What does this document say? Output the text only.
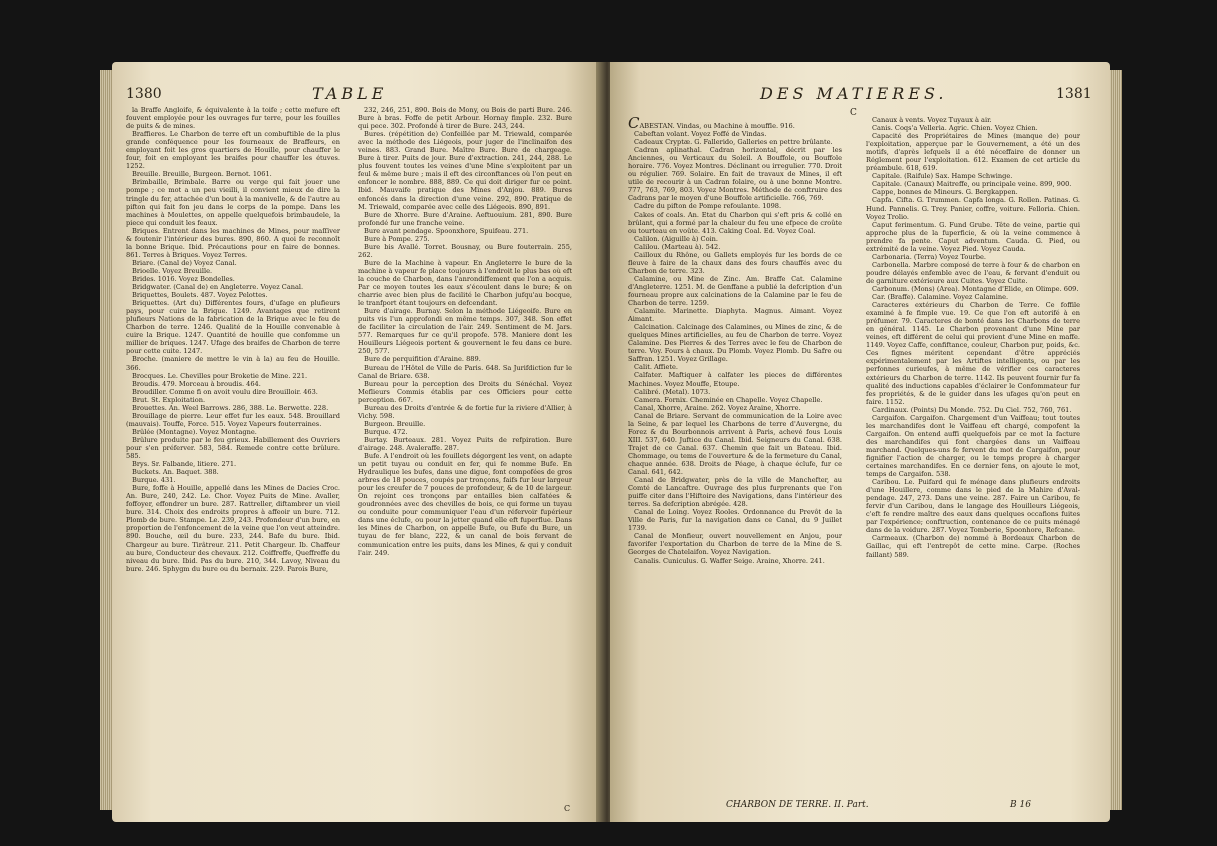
1380	TABLE

la Braffe Angloife, & équivalente à la toife ; cette mefure eft fouvent employée pour les ouvrages fur terre, pour les fouilles de puits & de mines.

Braffieres. Le Charbon de terre eft un combuftible de la plus grande conféquence pour les fourneaux de Braffeurs, en employant foit les gros quartiers de Houille, pour chauffer le four, foit en employant les braifes pour chauffer les étuves. 1252.

Breuille. Breuille, Burgeon. Bernot. 1061.

Brimbaille, Brimbale. Barre ou verge qui fait jouer une pompe ; ce mot a un peu vieilli, il convient mieux de dire la tringle du fer, attachée d'un bout à la manivelle, & de l'autre au pifton qui fait fon jeu dans le corps de la pompe. Dans les machines à Moulettes, on appelle quelquefois brimbaudele, la piece qui conduit les feaux.

Briques. Entrent dans les machines de Mines, pour maſſiver & foutenir l'intérieur des bures. 890, 860. A quoi fe reconnoît la bonne Brique. Ibid. Précautions pour en faire de bonnes. 861. Terres à Briques. Voyez Terres.

Briare. (Canal de) Voyez Canal.

Brioelle. Voyez Breuille.

Brides. 1016. Voyez Bondelles.

Bridgwater. (Canal de) en Angleterre. Voyez Canal.

Briquettes, Boulets. 487. Voyez Pelottes.

Briquettes. (Art du) Différentes fours, d'ufage en plufieurs pays, pour cuire la Brique. 1249. Avantages que retirent plufieurs Nations de la fabrication de la Brique avec le feu de Charbon de terre. 1246. Qualité de la Houille convenable à cuire la Brique. 1247. Quantité de houille que confomme un millier de briques. 1247. Ufage des braifes de Charbon de terre pour cette cuite. 1247.

Broche. (maniere de mettre le vin à la) au feu de Houille. 366.

Brocques. Le. Chevilles pour Broketie de Mine. 221.

Broudis. 479. Morceau à broudis. 464.

Broudiller. Comme fi on avoit voulu dire Brouilloir. 463.

Brut. St. Exploitation.

Brouettes. An. Weel Barrows. 286, 388. Le. Berwette. 228.

Brouillage de pierre. Leur effet fur les eaux. 548. Brouillard (mauvais). Touffe, Force. 515. Voyez Vapeurs fouterraines.

Brûlée (Montagne). Voyez Montagne.

Brûlure produite par le feu grieux. Habillement des Ouvriers pour s'en préferver. 583, 584. Remede contre cette brûlure. 585.

Brys. Sr. Falbande, litiere. 271.

Buckets. An. Baquet. 388.

Burque. 431.

Bure, foffe à Houille, appellé dans les Mines de Dacies Croc. An. Bure, 240, 242. Le. Chor. Voyez Puits de Mine. Avaller, foffoyer, effondrer un bure. 287. Rattreller, diftambrer un vieil bure. 314. Choix des endroits propres à affeoir un bure. 712. Plomb de bure. Stampe. Le. 239, 243. Profondeur d'un bure, en proportion de l'enfoncement de la veine que l'on veut atteindre. 890. Bouche, œil du bure. 233, 244. Bafe du bure. Ibid. Chargeur au bure. Tirâtreur. 211. Petit Chargeur. Ib. Chaffeur au bure, Conducteur des chevaux. 212. Coiffreffe, Queffreffe du niveau du bure. Ibid. Pas du bure. 210, 344. Lavoy, Niveau du bure. 246. Sphygm du bure ou du bernaix. 229. Parois Bure,

232, 246, 251, 890. Bois de Mony, ou Bois de parti Bure. 246. Bure à bras. Foffe de petit Arbour. Hornay fimple. 232. Bure qui pece. 302. Profondé à tirer de Bure. 243, 244.

Bures. (répétition de) Confeillée par M. Triewald, comparée avec la méthode des Liégeois, pour juger de l'inclinaifon des veines. 883. Grand Bure. Maître Bure. Bure de chargeage. Bure à tirer. Puits de jour. Bure d'extraction. 241, 244, 288. Le plus fouvent toutes les veines d'une Mine s'exploitent par un feul & même bure ; mais il eft des circonftances où l'on peut en enfoncer le nombre. 888, 889. Ce qui doit diriger fur ce point. Ibid. Mauvaife pratique des Mines d'Anjou. 889. Bures enfoncés dans la direction d'une veine. 292, 890. Pratique de M. Triewald, comparée avec celle des Liégeois. 890, 891.

Bure de Xhorre. Bure d'Araine. Aeftuouium. 281, 890. Bure profondé fur une franche veine.

Bure avant pendage. Spoonxhore, Spuifeau. 271.

Bure à Pompe. 275.

Bure bis Avallé. Torret. Bousnay, ou Bure fouterrain. 255, 262.

Bure de la Machine à vapeur. En Angleterre le bure de la machine à vapeur fe place toujours à l'endroit le plus bas où eft la couche de Charbon, dans l'anrondiffement que l'on a acquis. Par ce moyen toutes les eaux s'écoulent dans le bure; & on charrie avec bien plus de facilité le Charbon jufqu'au bocque, le tranfport étant toujours en defcendant.

Bure d'airage. Burnay. Selon la méthode Liégeoife. Bure en puits vis l'un approfondi en même temps. 307, 348. Son effet de faciliter la circulation de l'air. 249. Sentiment de M. Jars. 577. Remarques fur ce qu'il propofe. 578. Maniere dont les Houilleurs Liégeois portent & gouvernent le feu dans ce bure. 250, 577.

Bure de perquifition d'Araine. 889.

Bureau de l'Hôtel de Ville de Paris. 648. Sa Jurifdiction fur le Canal de Briare. 638.

Bureau pour la perception des Droits du Sénéchal. Voyez Meflieurs Commis établis par ces Officiers pour cette perception. 667.

Bureau des Droits d'entrée & de fortie fur la riviere d'Allier, à Vichy. 598.

Burgeon. Breuille.

Burque. 472.

Burtay. Burteaux. 281. Voyez Puits de refpiration. Bure d'airage. 248. Avaleraffe. 287.

Bufe. A l'endroit où les fouillets dégorgent les vent, on adapte un petit tuyau ou conduit en fer, qui fe nomme Bufe. En Hydraulique les bufes, dans une digue, font compofées de gros arbres de 18 pouces, coupés par tronçons, faifs fur leur largeur pour les creufer de 7 pouces de profondeur, & de 10 de largeur. On rejoint ces tronçons par entailles bien calfatées & goudronnées avec des chevilles de bois, ce qui forme un tuyau ou conduite pour communiquer l'eau d'un réfervoir fupérieur dans une éclufe, ou pour la jetter quand elle eft fuperflue. Dans les Mines de Charbon, on appelle Bufe, ou Bufe du Bure, un tuyau de fer blanc, 222, & un canal de bois fervant de communication entre les puits, dans les Mines, & qui y conduit l'air. 249.

C
DES MATIERES.	1381
C

CABESTAN. Vindas, ou Machine à mouffle. 916.

Cabeftan volant. Voyez Foffé de Vindas.

Cadeaux Cryptæ. G. Fallerido, Galleries en pettre brûlante.

Cadran aplinathal. Cadran horizontal, décrit par les Anciennes, ou Verticaux du Soleil. A Bouffole, ou Bouffole horaire. 776. Voyez Montres. Déclinant ou irregulier. 770. Droit ou régulier. 769. Solaire. En fait de travaux de Mines, il eft utile de recourir à un Cadran folaire, ou à une bonne Montre. 777, 763, 769, 803. Voyez Montres. Méthode de conftruire des Cadrans par le moyen d'une Bouffole artificielle. 766, 769.

Cadre du pifton de Pompe refoulante. 1098.

Cakes of coals. An. Etat du Charbon qui s'eft pris & collé en brûlant, qui a formé par la chaleur du feu une efpece de croûte ou tourteau en voûte. 413. Caking Coal. Ed. Voyez Coal.

Calilon. (Aiguille à) Coin.

Calilou. (Marteau à). 542.

Cailloux du Rhône, ou Gallets employés fur les bords de ce fleuve à faire de la chaux dans des fours chauffés avec du Charbon de terre. 323.

Calamine, ou Mine de Zinc. Am. Braffe Cat. Calamine d'Angleterre. 1251. M. de Genffane a publié la defcription d'un fourneau propre aux calcinations de la Calamine par le feu de Charbon de terre. 1259.

Calamite. Marinette. Diaphyta. Magnus. Aimant. Voyez Aimant.

Calcination. Calcinage des Calamines, ou Mines de zinc, & de quelques Mines artificielles, au feu de Charbon de terre. Voyez Calamine. Des Pierres & des Terres avec le feu de Charbon de terre. Voy. Fours à chaux. Du Plomb. Voyez Plomb. Du Safre ou Saffran. 1251. Voyez Grillage.

Calit. Affiete.

Calfater. Maftiquer à calfater les pieces de différentes Machines. Voyez Mouffe, Etoupe.

Calibré. (Metal). 1073.

Camera. Fornix. Cheminée en Chapelle. Voyez Chapelle.

Canal, Xhorre, Araine. 262. Voyez Araine, Xhorre.

Canal de Briare. Servant de communication de la Loire avec la Seine, & par lequel les Charbons de terre d'Auvergne, du Forez & du Bourbonnois arrivent à Paris, achevé fous Louis XIII. 537, 640. Juftice du Canal. Ibid. Seigneurs du Canal. 638. Trajet de ce Canal. 637. Chemin que fait un Bateau. Ibid. Chommage, ou tems de l'ouverture & de la fermeture du Canal, chaque année. 638. Droits de Péage, à chaque éclufe, fur ce Canal. 641, 642.

Canal de Bridgwater, près de la ville de Manchefter, au Comté de Lancaftre. Ouvrage des plus furprenants que l'on puiffe citer dans l'Hiftoire des Navigations, dans l'intérieur des terres. Sa defcription abrégée. 428.

Canal de Loing. Voyez Rooles. Ordonnance du Prevôt de la Ville de Paris, fur la navigation dans ce Canal, du 9 Juillet 1739.

Canal de Monfieur, ouvert nouvellement en Anjou, pour favorifer l'exportation du Charbon de terre de la Mine de S. Georges de Chatelaifon. Voyez Navigation.

Canalis. Cuniculus. G. Waffer Seige. Araine, Xhorre. 241.

Canaux à vents. Voyez Tuyaux à air.

Canis. Coqs'a Velleria. Agric. Chien. Voyez Chien.

Capacité des Propriétaires de Mines (manque de) pour l'exploitation, apperçue par le Gouvernement, a été un des motifs, d'après lefquels il a été néceffaire de donner un Réglement pour l'exploitation. 612. Examen de cet article du préambule. 618, 619.

Capitale. (Raifule) Sax. Hampe Schwinge.

Capitale. (Canaux) Maitreffe, ou principale veine. 899, 900.

Cappe, bonnes de Mineurs. G. Bergkappen.

Capfa. Cifta. G. Trummen. Capfa longa. G. Rollen. Patinas. G. Hund. Pannelis. G. Trey. Panier, coffre, voiture. Felloria. Chien. Voyez Trolio.

Caput ferimentum. G. Fund Grube. Tête de veine, partie qui approche plus de la fuperficie, & où la veine commence à prendre fa pente. Caput adventum. Cauda. G. Pied, ou extrémité de la veine. Voyez Pied. Voyez Cauda.

Carbonaria. (Terra) Voyez Tourbe.

Carbonella. Marbre composé de terre à four & de charbon en poudre délayés enfemble avec de l'eau, & fervant d'enduit ou de garniture extérieure aux Cuites. Voyez Cuite.

Carbonum. (Mons) (Area). Montagne d'Elide, en Olimpe. 609.

Car. (Braffe). Calamine. Voyez Calamine.

Caracteres extérieurs du Charbon de Terre. Ce foffile examiné à fe fimple vue. 19. Ce que l'on eft autorifé à en préfumer. 79. Caracteres de bonté dans les Charbons de terre en général. 1145. Le Charbon provenant d'une Mine par veines, eft différent de celui qui provient d'une Mine en maffe. 1149. Voyez Caffe, confiftance, couleur, Charbon pur, poids, &c. Ces fignes méritent cependant d'être appréciés expérimentalement par les Artiftes intelligents, ou par les perfonnes curieufes, à même de vérifier ces caracteres extérieurs du Charbon de terre. 1142. Ils peuvent fournir fur fa qualité des inductions capables d'éclairer le Confommateur fur fes propriétés, & de le guider dans les ufages qu'on peut en faire. 1152.

Cardinaux. (Points) Du Monde. 752. Du Ciel. 752, 760, 761.

Cargaifon. Cargaifon. Chargement d'un Vaiffeau; tout toutes les marchandifes dont le Vaiffeau eft chargé, compofent la Cargaifon. On entend auffi quelquefois par ce mot la facture des marchandifes qui font chargées dans un Vaiffeau marchand. Quelques-uns fe fervent du mot de Cargaifon, pour fignifier l'action de charger, ou le temps propre à charger certaines marchandifes. En ce dernier fens, on ajoute le mot, temps de Cargaifon. 538.

Caribou. Le. Puifard qui fe ménage dans plufieurs endroits d'une Houillere, comme dans le pied de la Mahire d'Aval-pendage. 247, 273. Dans une veine. 287. Faire un Caribou, fe fervir d'un Caribou, dans le langage des Houilleurs Liégeois, c'eft fe rendre maître des eaux dans quelques occafions fuites par l'expérience; conftruction, contenance de ce puits ménagé dans de la voidure. 287. Voyez Tomberie, Spoonhore, Refcane.

Carmeaux. (Charbon de) nommé à Bordeaux Charbon de Gaillac, qui eft l'entrepôt de cette mine. Carpe. (Roches faillant) 589.

CHARBON DE TERRE. II. Part.	B 16
